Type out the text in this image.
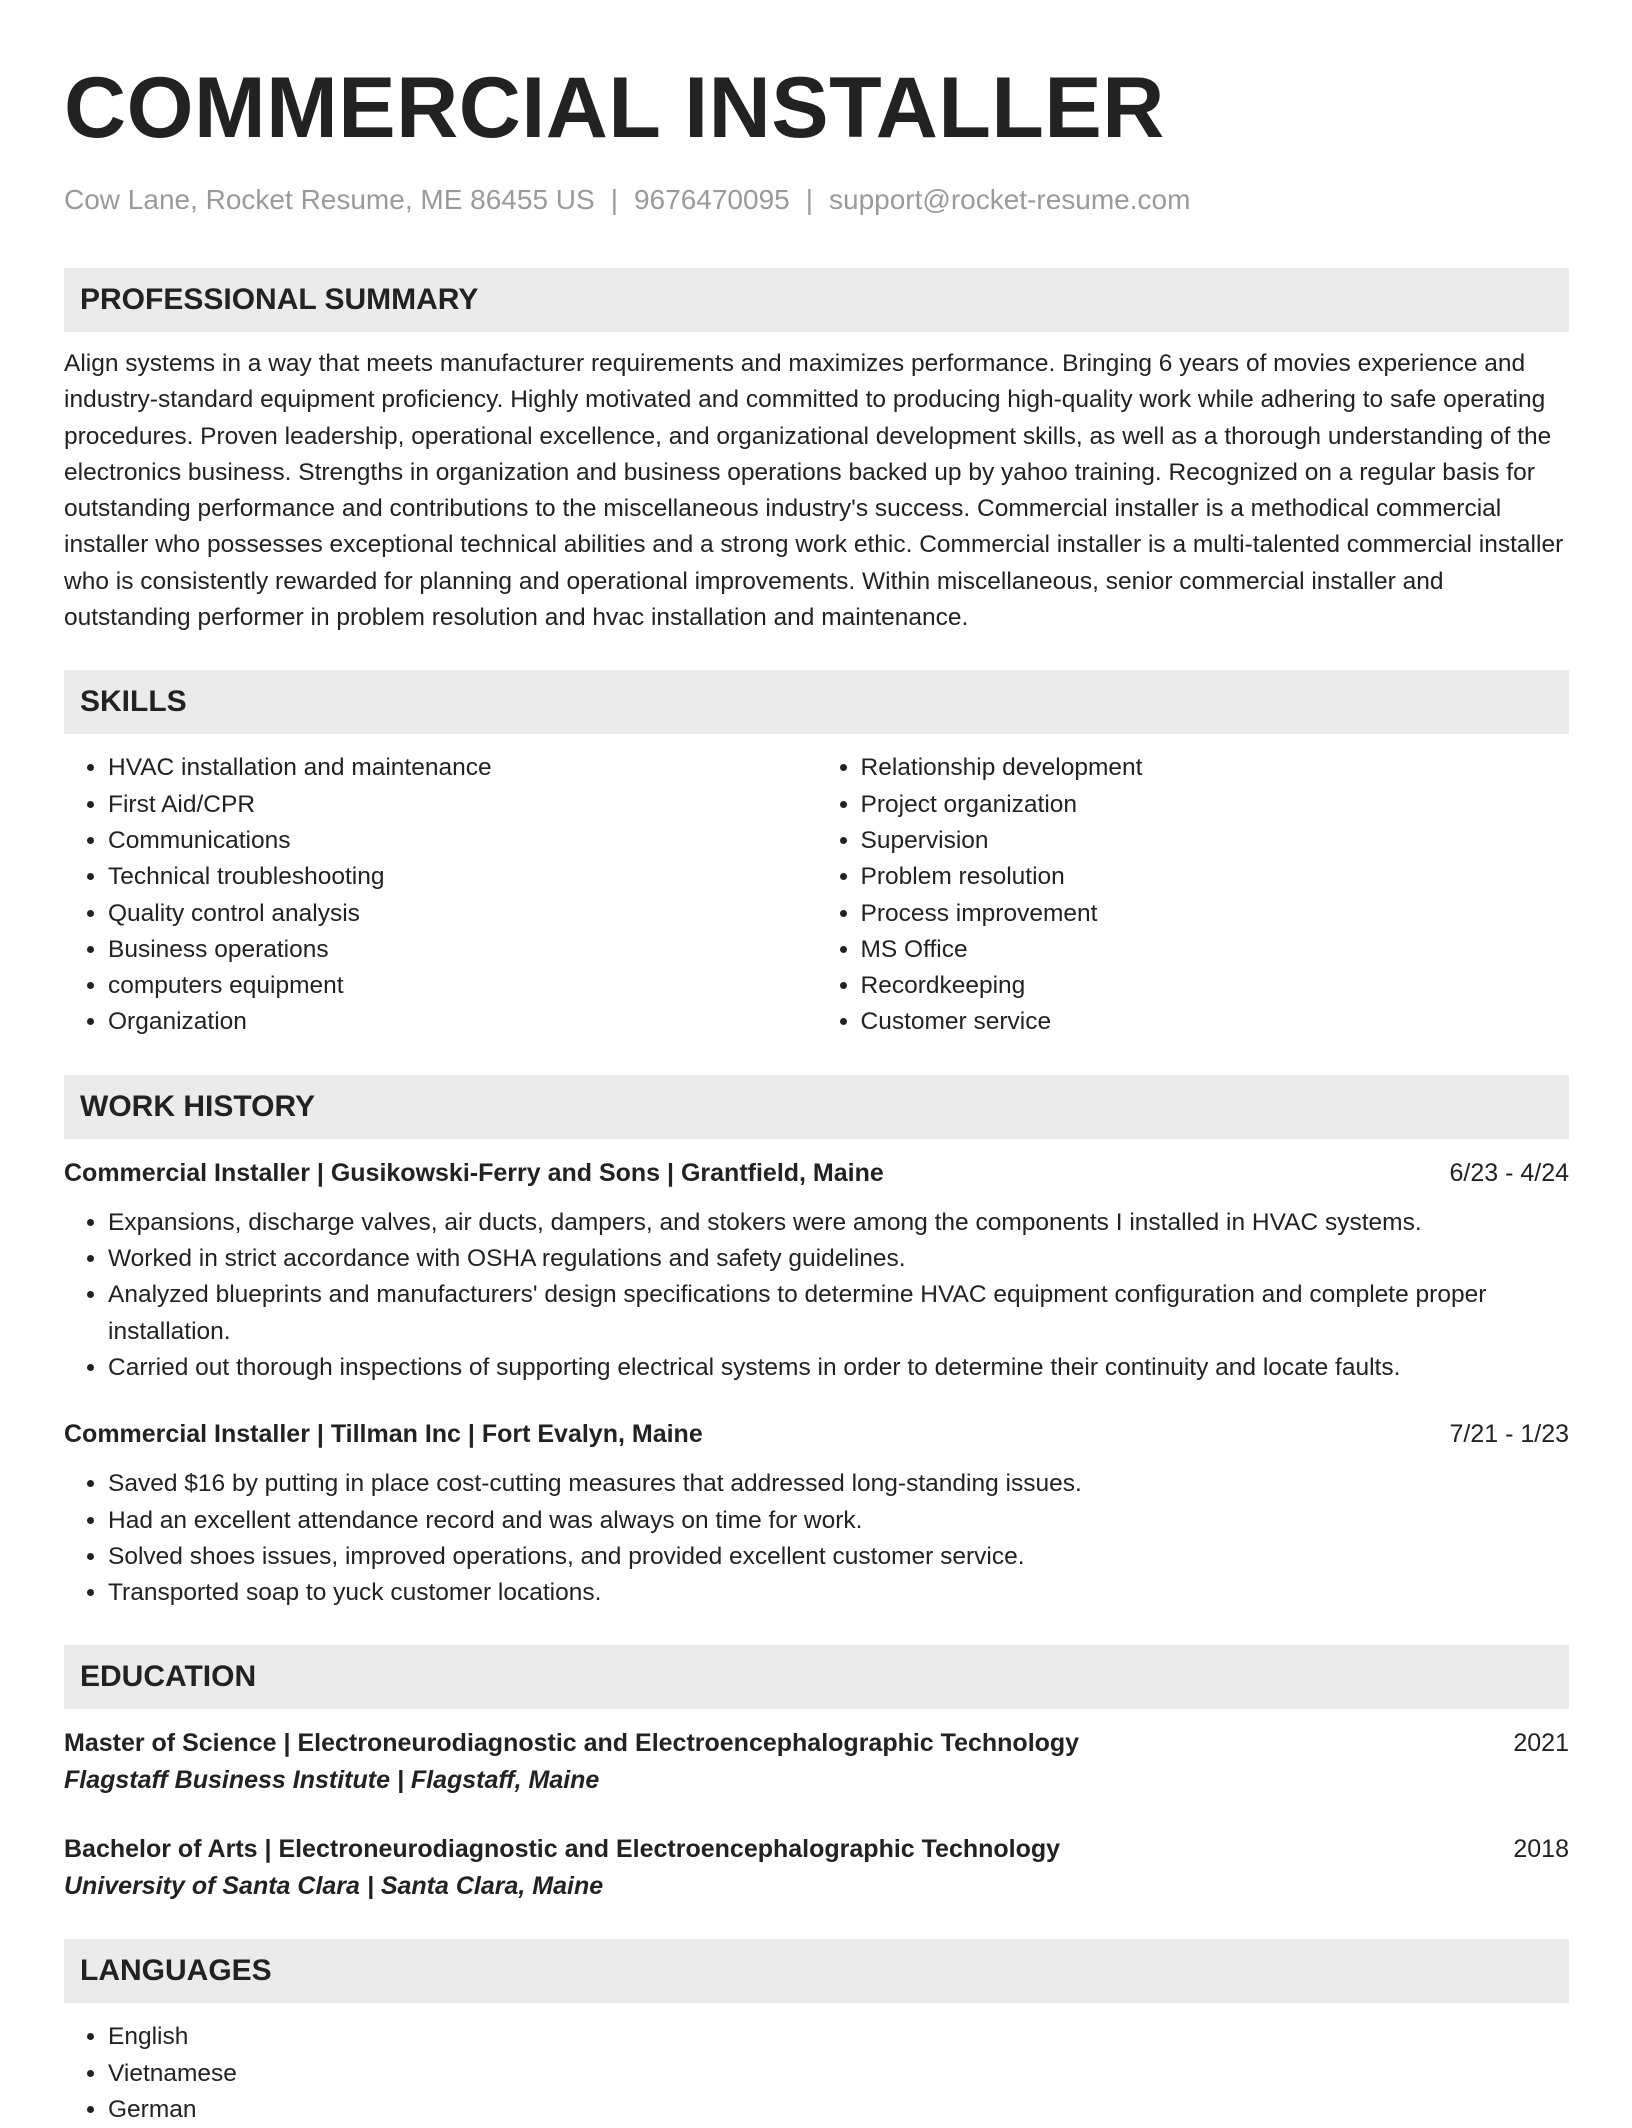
COMMERCIAL INSTALLER
Cow Lane, Rocket Resume, ME 86455 US | 9676470095 | support@rocket-resume.com
PROFESSIONAL SUMMARY

Align systems in a way that meets manufacturer requirements and maximizes performance. Bringing 6 years of movies experience and industry-standard equipment proficiency. Highly motivated and committed to producing high-quality work while adhering to safe operating procedures. Proven leadership, operational excellence, and organizational development skills, as well as a thorough understanding of the electronics business. Strengths in organization and business operations backed up by yahoo training. Recognized on a regular basis for outstanding performance and contributions to the miscellaneous industry's success. Commercial installer is a methodical commercial installer who possesses exceptional technical abilities and a strong work ethic. Commercial installer is a multi-talented commercial installer who is consistently rewarded for planning and operational improvements. Within miscellaneous, senior commercial installer and outstanding performer in problem resolution and hvac installation and maintenance.

SKILLS
• HVAC installation and maintenance
• First Aid/CPR
• Communications
• Technical troubleshooting
• Quality control analysis
• Business operations
• computers equipment
• Organization
• Relationship development
• Project organization
• Supervision
• Problem resolution
• Process improvement
• MS Office
• Recordkeeping
• Customer service
WORK HISTORY
Commercial Installer | Gusikowski-Ferry and Sons | Grantfield, Maine	6/23 - 4/24
• Expansions, discharge valves, air ducts, dampers, and stokers were among the components I installed in HVAC systems.
• Worked in strict accordance with OSHA regulations and safety guidelines.
• Analyzed blueprints and manufacturers' design specifications to determine HVAC equipment configuration and complete proper installation.
• Carried out thorough inspections of supporting electrical systems in order to determine their continuity and locate faults.
Commercial Installer | Tillman Inc | Fort Evalyn, Maine	7/21 - 1/23
• Saved $16 by putting in place cost-cutting measures that addressed long-standing issues.
• Had an excellent attendance record and was always on time for work.
• Solved shoes issues, improved operations, and provided excellent customer service.
• Transported soap to yuck customer locations.
EDUCATION
Master of Science | Electroneurodiagnostic and Electroencephalographic Technology	2021
Flagstaff Business Institute | Flagstaff, Maine
Bachelor of Arts | Electroneurodiagnostic and Electroencephalographic Technology	2018
University of Santa Clara | Santa Clara, Maine
LANGUAGES
• English
• Vietnamese
• German
